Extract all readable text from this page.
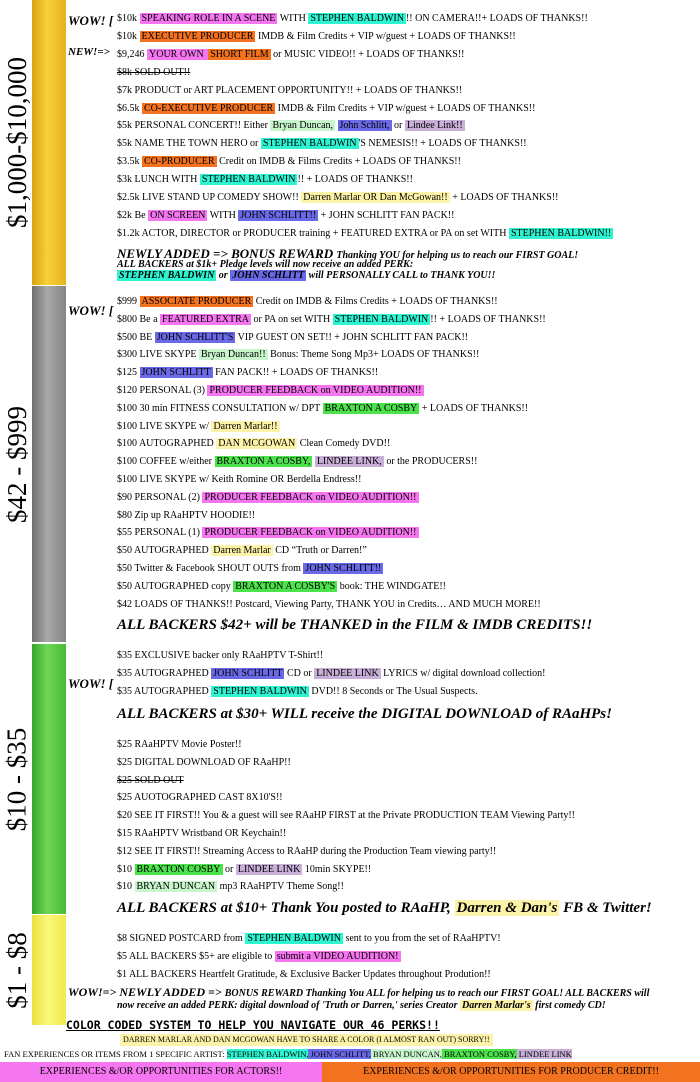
$1,000-$10,000
$42 - $999
$10 - $35
$1 - $8
WOW! [
NEW!=>
WOW! [
WOW! [
$10k SPEAKING ROLE IN A SCENE WITH STEPHEN BALDWIN !! ON CAMERA!!+ LOADS OF THANKS!!
$10k EXECUTIVE PRODUCER IMDB & Film Credits + VIP w/guest + LOADS OF THANKS!!
$9,246 YOUR OWN SHORT FILM or MUSIC VIDEO!! + LOADS OF THANKS!!
$8k SOLD OUT!!
$7k PRODUCT or ART PLACEMENT OPPORTUNITY!! + LOADS OF THANKS!!
$6.5k CO-EXECUTIVE PRODUCER IMDB & Film Credits + VIP w/guest + LOADS OF THANKS!!
$5k PERSONAL CONCERT!! Either Bryan Duncan, John Schlitt, or Lindee Link!!
$5k NAME THE TOWN HERO or STEPHEN BALDWIN 'S NEMESIS!! + LOADS OF THANKS!!
$3.5k CO-PRODUCER Credit on IMDB & Films Credits + LOADS OF THANKS!!
$3k LUNCH WITH STEPHEN BALDWIN !! + LOADS OF THANKS!!
$2.5k LIVE STAND UP COMEDY SHOW!! Darren Marlar OR Dan McGowan!! + LOADS OF THANKS!!
$2k Be ON SCREEN WITH JOHN SCHLITT!! + JOHN SCHLITT FAN PACK!!
$1.2k ACTOR, DIRECTOR or PRODUCER training + FEATURED EXTRA or PA on set WITH STEPHEN BALDWIN!!
NEWLY ADDED => BONUS REWARD Thanking YOU for helping us to reach our FIRST GOAL!
ALL BACKERS at $1k+ Pledge levels will now receive an added PERK:
STEPHEN BALDWIN or JOHN SCHLITT will PERSONALLY CALL to THANK YOU!!
$999 ASSOCIATE PRODUCER Credit on IMDB & Films Credits + LOADS OF THANKS!!
$800 Be a FEATURED EXTRA or PA on set WITH STEPHEN BALDWIN !! + LOADS OF THANKS!!
$500 BE JOHN SCHLITT'S VIP GUEST ON SET!! + JOHN SCHLITT FAN PACK!!
$300 LIVE SKYPE Bryan Duncan!! Bonus: Theme Song Mp3+ LOADS OF THANKS!!
$125 JOHN SCHLITT FAN PACK!! + LOADS OF THANKS!!
$120 PERSONAL (3) PRODUCER FEEDBACK on VIDEO AUDITION!!
$100 30 min FITNESS CONSULTATION w/ DPT BRAXTON A COSBY + LOADS OF THANKS!!
$100 LIVE SKYPE w/ Darren Marlar!!
$100 AUTOGRAPHED DAN MCGOWAN Clean Comedy DVD!!
$100 COFFEE w/either BRAXTON A COSBY, LINDEE LINK, or the PRODUCERS!!
$100 LIVE SKYPE w/ Keith Romine OR Berdella Endress!!
$90 PERSONAL (2) PRODUCER FEEDBACK on VIDEO AUDITION!!
$80 Zip up RAaHPTV HOODIE!!
$55 PERSONAL (1) PRODUCER FEEDBACK on VIDEO AUDITION!!
$50 AUTOGRAPHED Darren Marlar CD “Truth or Darren!”
$50 Twitter & Facebook SHOUT OUTS from JOHN SCHLITT!!
$50 AUTOGRAPHED copy BRAXTON A COSBY'S book: THE WINDGATE!!
$42 LOADS OF THANKS!! Postcard, Viewing Party, THANK YOU in Credits… AND MUCH MORE!!
ALL BACKERS $42+ will be THANKED in the FILM & IMDB CREDITS!!
$35 EXCLUSIVE backer only RAaHPTV T-Shirt!!
$35 AUTOGRAPHED JOHN SCHLITT CD or LINDEE LINK LYRICS w/ digital download collection!
$35 AUTOGRAPHED STEPHEN BALDWIN DVD!! 8 Seconds or The Usual Suspects.
ALL BACKERS at $30+ WILL receive the DIGITAL DOWNLOAD of RAaHPs!
$25 RAaHPTV Movie Poster!!
$25 DIGITAL DOWNLOAD OF RAaHP!!
$25 SOLD OUT
$25 AUOTOGRAPHED CAST 8X10'S!!
$20 SEE IT FIRST!! You & a guest will see RAaHP FIRST at the Private PRODUCTION TEAM Viewing Party!!
$15 RAaHPTV Wristband OR Keychain!!
$12 SEE IT FIRST!! Streaming Access to RAaHP during the Production Team viewing party!!
$10 BRAXTON COSBY or LINDEE LINK 10min SKYPE!!
$10 BRYAN DUNCAN mp3 RAaHPTV Theme Song!!
ALL BACKERS at $10+ Thank You posted to RAaHP, Darren & Dan's FB & Twitter!
$8 SIGNED POSTCARD from STEPHEN BALDWIN sent to you from the set of RAaHPTV!
$5 ALL BACKERS $5+ are eligible to submit a VIDEO AUDITION!
$1 ALL BACKERS Heartfelt Gratitude, & Exclusive Backer Updates throughout Prodution!!
WOW!=> NEWLY ADDED => BONUS REWARD Thanking You ALL for helping us to reach our FIRST GOAL! ALL BACKERS will
now receive an added PERK: digital download of 'Truth or Darren,' series Creator Darren Marlar's first comedy CD!
COLOR CODED SYSTEM TO HELP YOU NAVIGATE OUR 46 PERKS!!
DARREN MARLAR AND DAN MCGOWAN HAVE TO SHARE A COLOR (I ALMOST RAN OUT) SORRY!!
FAN EXPERIENCES OR ITEMS FROM 1 SPECIFIC ARTIST: STEPHEN BALDWIN, JOHN SCHLITT, BRYAN DUNCAN, BRAXTON COSBY, LINDEE LINK
EXPERIENCES &/OR OPPORTUNITIES FOR ACTORS!!	EXPERIENCES &/OR OPPORTUNITIES FOR PRODUCER CREDIT!!
